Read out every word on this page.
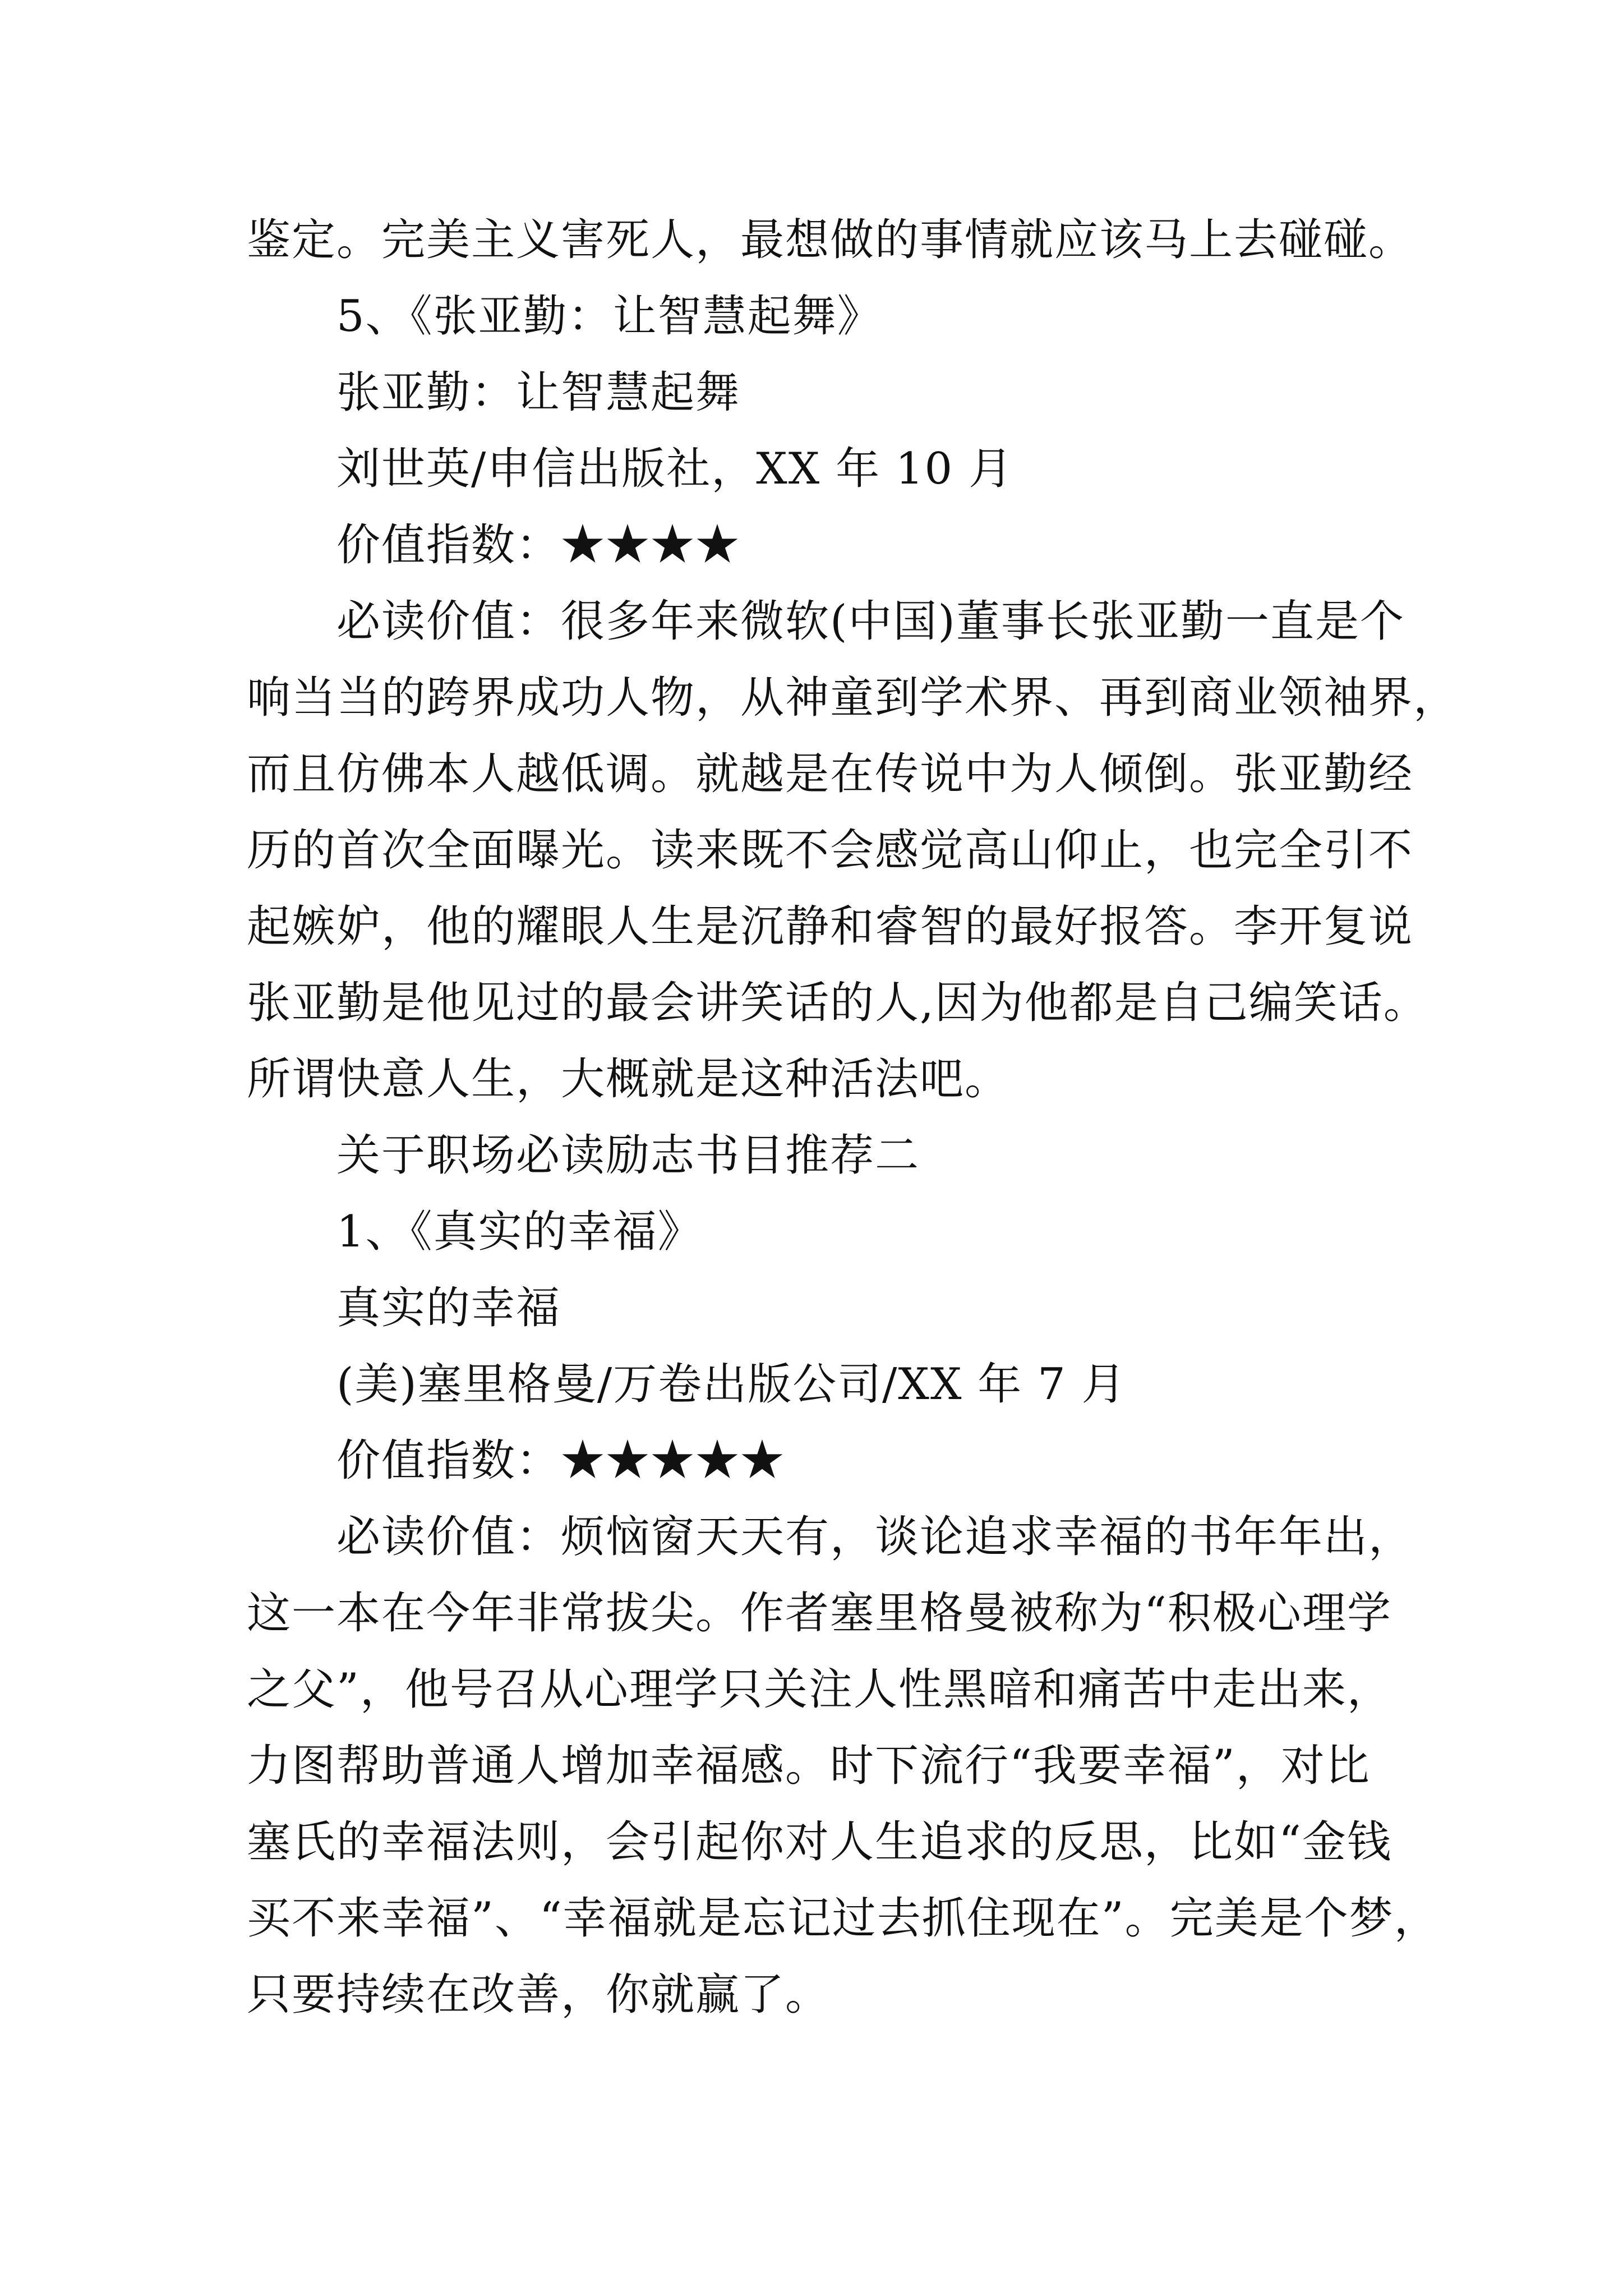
鉴定。完美主义害死人，最想做的事情就应该马上去碰碰。
5、《张亚勤：让智慧起舞》
张亚勤：让智慧起舞
刘世英/申信出版社，XX 年 10 月
价值指数：★★★★
必读价值：很多年来微软(中国)董事长张亚勤一直是个
响当当的跨界成功人物，从神童到学术界、再到商业领袖界，
而且仿佛本人越低调。就越是在传说中为人倾倒。张亚勤经
历的首次全面曝光。读来既不会感觉高山仰止，也完全引不
起嫉妒，他的耀眼人生是沉静和睿智的最好报答。李开复说
张亚勤是他见过的最会讲笑话的人,因为他都是自己编笑话。
所谓快意人生，大概就是这种活法吧。
关于职场必读励志书目推荐二
1、《真实的幸福》
真实的幸福
(美)塞里格曼/万卷出版公司/XX 年 7 月
价值指数：★★★★★
必读价值：烦恼窗天天有，谈论追求幸福的书年年出，
这一本在今年非常拔尖。作者塞里格曼被称为“积极心理学
之父”，他号召从心理学只关注人性黑暗和痛苦中走出来，
力图帮助普通人增加幸福感。时下流行“我要幸福”，对比
塞氏的幸福法则，会引起你对人生追求的反思，比如“金钱
买不来幸福”、“幸福就是忘记过去抓住现在”。完美是个梦，
只要持续在改善，你就赢了。
